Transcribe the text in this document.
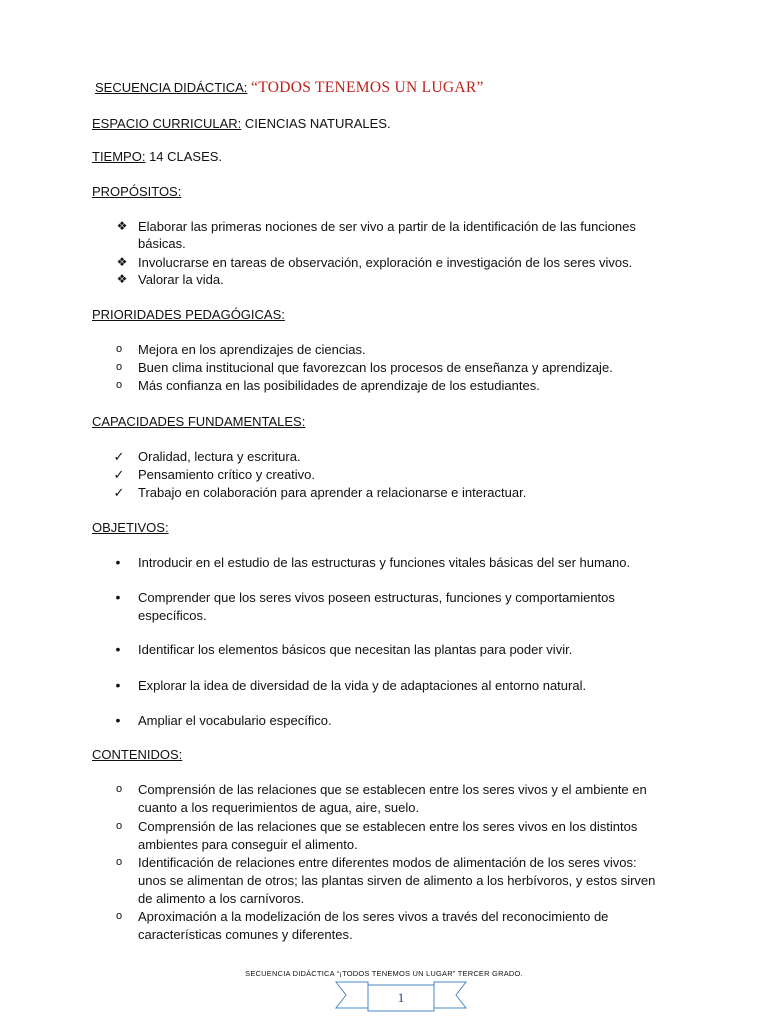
SECUENCIA DIDÁCTICA: “TODOS TENEMOS UN LUGAR”
ESPACIO CURRICULAR: CIENCIAS NATURALES.
TIEMPO: 14 CLASES.
PROPÓSITOS:
❖ Elaborar las primeras nociones de ser vivo a partir de la identificación de las funciones
básicas.
❖ Involucrarse en tareas de observación, exploración e investigación de los seres vivos.
❖ Valorar la vida.
PRIORIDADES PEDAGÓGICAS:
o	Mejora en los aprendizajes de ciencias.
o	Buen clima institucional que favorezcan los procesos de enseñanza y aprendizaje.
o	Más confianza en las posibilidades de aprendizaje de los estudiantes.
CAPACIDADES FUNDAMENTALES:
✓ Oralidad, lectura y escritura.
✓ Pensamiento crítico y creativo.
✓ Trabajo en colaboración para aprender a relacionarse e interactuar.
OBJETIVOS:
•	Introducir en el estudio de las estructuras y funciones vitales básicas del ser humano.
•	Comprender que los seres vivos poseen estructuras, funciones y comportamientos
específicos.
•	Identificar los elementos básicos que necesitan las plantas para poder vivir.
•	Explorar la idea de diversidad de la vida y de adaptaciones al entorno natural.
•	Ampliar el vocabulario específico.
CONTENIDOS:
o	Comprensión de las relaciones que se establecen entre los seres vivos y el ambiente en
cuanto a los requerimientos de agua, aire, suelo.
o	Comprensión de las relaciones que se establecen entre los seres vivos en los distintos
ambientes para conseguir el alimento.
o	Identificación de relaciones entre diferentes modos de alimentación de los seres vivos:
unos se alimentan de otros; las plantas sirven de alimento a los herbívoros, y estos sirven
de alimento a los carnívoros.
o	Aproximación a la modelización de los seres vivos a través del reconocimiento de
características comunes y diferentes.
SECUENCIA DIDÁCTICA “¡TODOS TENEMOS UN LUGAR” TERCER GRADO.
1
